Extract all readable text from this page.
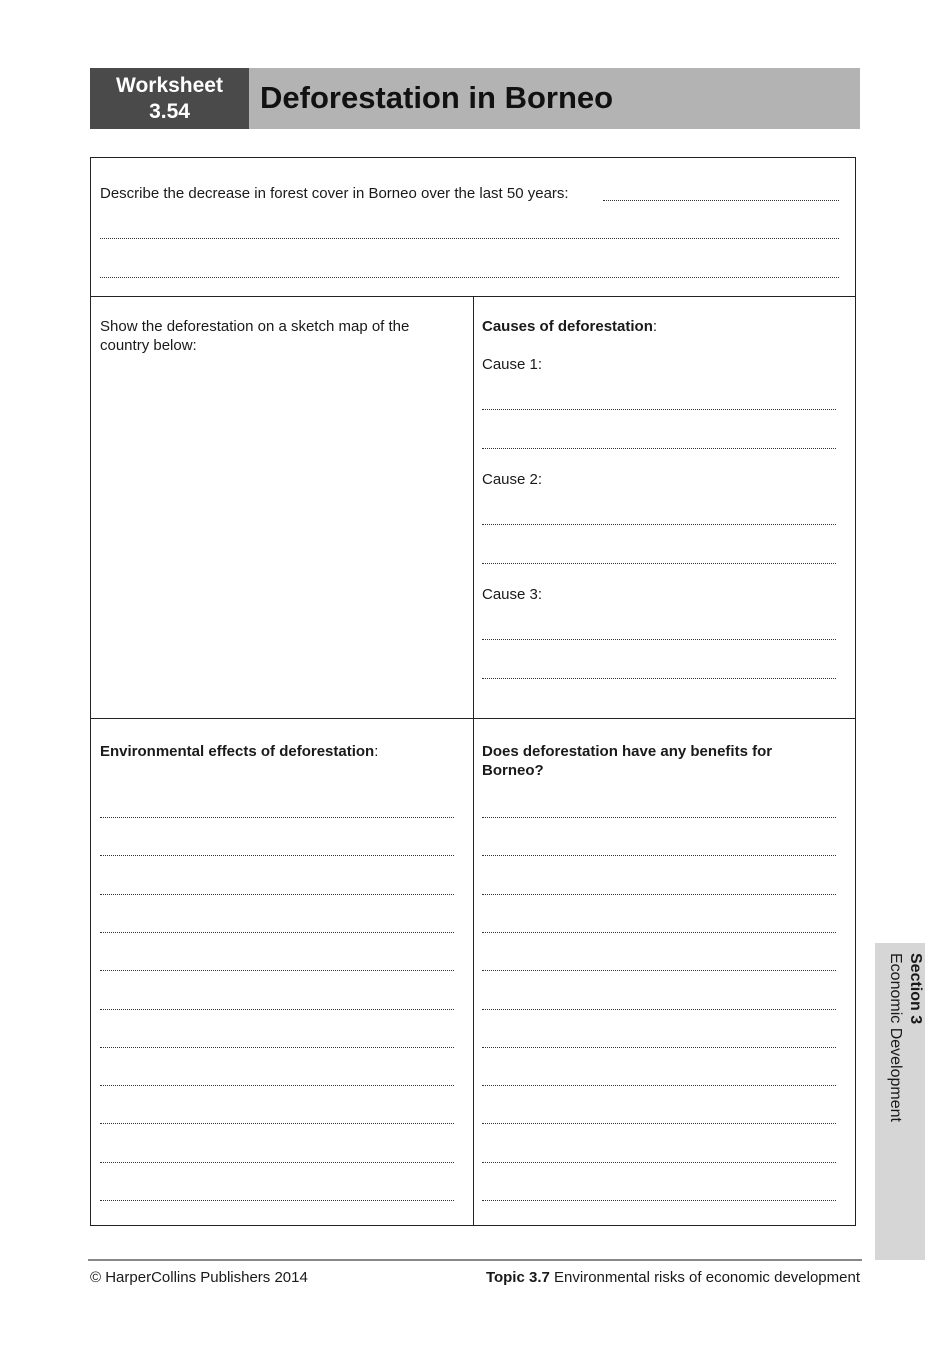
Worksheet
3.54	Deforestation in Borneo
Describe the decrease in forest cover in Borneo over the last 50 years:
Show the deforestation on a sketch map of the country below:
Causes of deforestation:
Cause 1:
Cause 2:
Cause 3:
Environmental effects of deforestation:	Does deforestation have any benefits for Borneo?
Section 3
Economic Development
© HarperCollins Publishers 2014	Topic 3.7 Environmental risks of economic development
